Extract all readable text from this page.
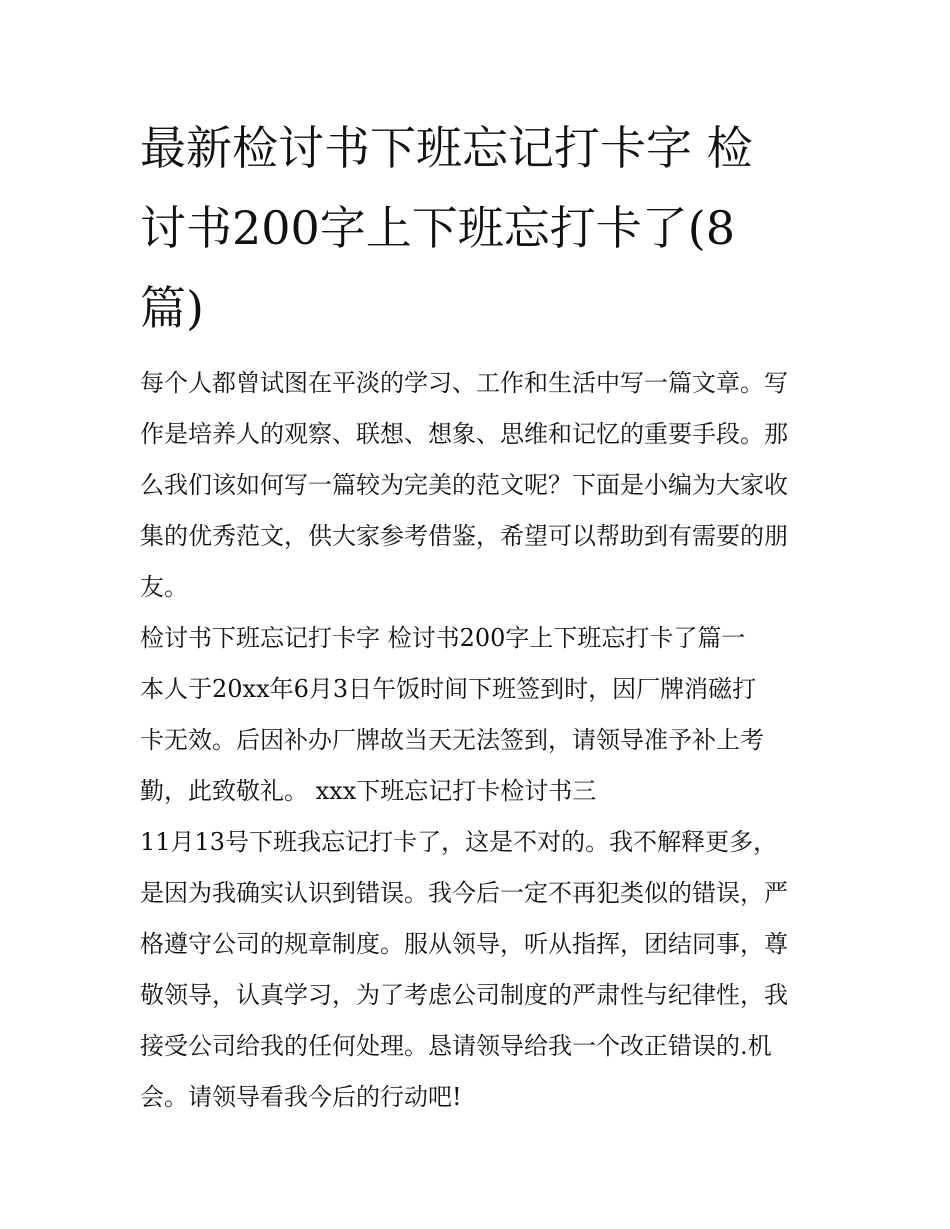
最新检讨书下班忘记打卡字 检
讨书200字上下班忘打卡了(8
篇)

每个人都曾试图在平淡的学习、工作和生活中写一篇文章。写
作是培养人的观察、联想、想象、思维和记忆的重要手段。那
么我们该如何写一篇较为完美的范文呢？下面是小编为大家收
集的优秀范文，供大家参考借鉴，希望可以帮助到有需要的朋
友。

检讨书下班忘记打卡字 检讨书200字上下班忘打卡了篇一

本人于20xx年6月3日午饭时间下班签到时，因厂牌消磁打
卡无效。后因补办厂牌故当天无法签到，请领导准予补上考
勤，此致敬礼。 xxx下班忘记打卡检讨书三

11月13号下班我忘记打卡了，这是不对的。我不解释更多，
是因为我确实认识到错误。我今后一定不再犯类似的错误，严
格遵守公司的规章制度。服从领导，听从指挥，团结同事，尊
敬领导，认真学习，为了考虑公司制度的严肃性与纪律性，我
接受公司给我的任何处理。恳请领导给我一个改正错误的.机
会。请领导看我今后的行动吧!
